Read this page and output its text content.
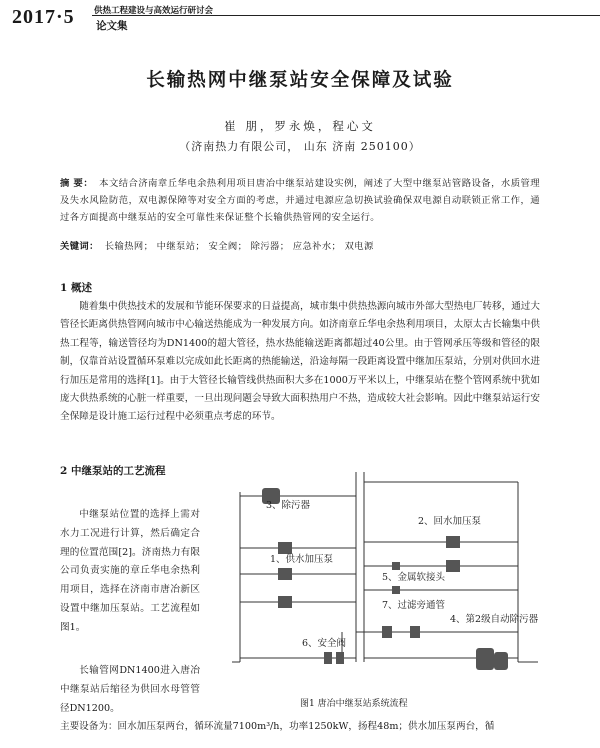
2017·5 供热工程建设与高效运行研讨会
论文集
长输热网中继泵站安全保障及试验
崔 朋，罗永焕，程心文
（济南热力有限公司， 山东 济南 250100）
摘 要： 本文结合济南章丘华电余热利用项目唐冶中继泵站建设实例，阐述了大型中继泵站管路设备，水质管理及失水风险防范，双电源保障等对安全方面的考虑，并通过电源应急切换试验确保双电源自动联锁正常工作，通过各方面提高中继泵站的安全可靠性来保证整个长输供热管网的安全运行。
关键词： 长输热网； 中继泵站； 安全阀； 除污器； 应急补水； 双电源
1 概述
随着集中供热技术的发展和节能环保要求的日益提高，城市集中供热热源向城市外部大型热电厂转移，通过大管径长距离供热管网向城市中心输送热能成为一种发展方向。如济南章丘华电余热利用项目，太原太古长输集中供热工程等，输送管径均为DN1400的超大管径，热水热能输送距离都超过40公里。由于管网承压等级和管径的限制，仅靠首站设置循环泵难以完成如此长距离的热能输送，沿途每隔一段距离设置中继加压泵站，分别对供回水进行加压是常用的选择[1]。由于大管径长输管线供热面积大多在1000万平米以上，中继泵站在整个管网系统中犹如庞大供热系统的心脏一样重要，一旦出现问题会导致大面积热用户不热，造成较大社会影响。因此中继泵站运行安全保障是设计施工运行过程中必须重点考虑的环节。
2 中继泵站的工艺流程
中继泵站位置的选择上需对水力工况进行计算，然后确定合理的位置范围[2]。济南热力有限公司负责实施的章丘华电余热利用项目，选择在济南市唐冶新区设置中继加压泵站。工艺流程如图1。
长输管网DN1400进入唐冶中继泵站后缩径为供回水母管管径DN1200。
主要设备为：回水加压泵两台，循环流量7100m³/h，功率1250kW，扬程48m；供水加压泵两台，循
3、除污器
2、回水加压泵
1、供水加压泵
5、金属软接头
7、过滤旁通管
6、安全阀
4、第2级自动除污器
图1 唐冶中继泵站系统流程
